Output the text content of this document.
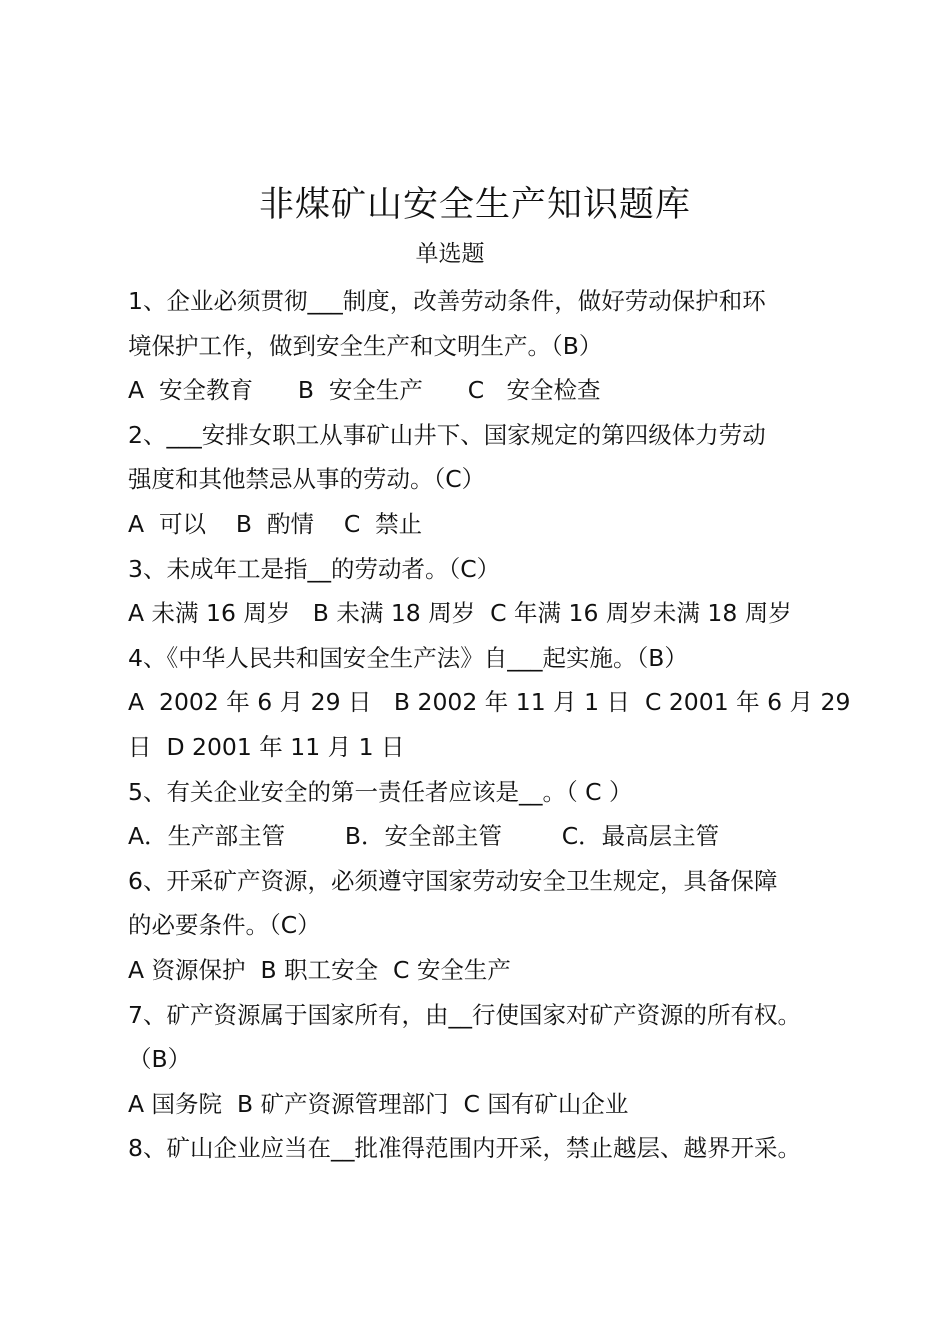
非煤矿山安全生产知识题库
单选题
1、企业必须贯彻___制度，改善劳动条件，做好劳动保护和环
境保护工作，做到安全生产和文明生产。（B）
A  安全教育      B  安全生产      C   安全检查
2、___安排女职工从事矿山井下、国家规定的第四级体力劳动
强度和其他禁忌从事的劳动。（C）
A  可以    B  酌情    C  禁止
3、未成年工是指__的劳动者。（C）
A 未满 16 周岁   B 未满 18 周岁  C 年满 16 周岁未满 18 周岁
4、《中华人民共和国安全生产法》自___起实施。（B）
A  2002 年 6 月 29 日   B 2002 年 11 月 1 日  C 2001 年 6 月 29
日  D 2001 年 11 月 1 日
5、有关企业安全的第一责任者应该是__。（ C ）
A．生产部主管        B．安全部主管        C．最高层主管
6、开采矿产资源，必须遵守国家劳动安全卫生规定，具备保障
的必要条件。（C）
A 资源保护  B 职工安全  C 安全生产
7、矿产资源属于国家所有，由__行使国家对矿产资源的所有权。
（B）
A 国务院  B 矿产资源管理部门  C 国有矿山企业
8、矿山企业应当在__批准得范围内开采，禁止越层、越界开采。
